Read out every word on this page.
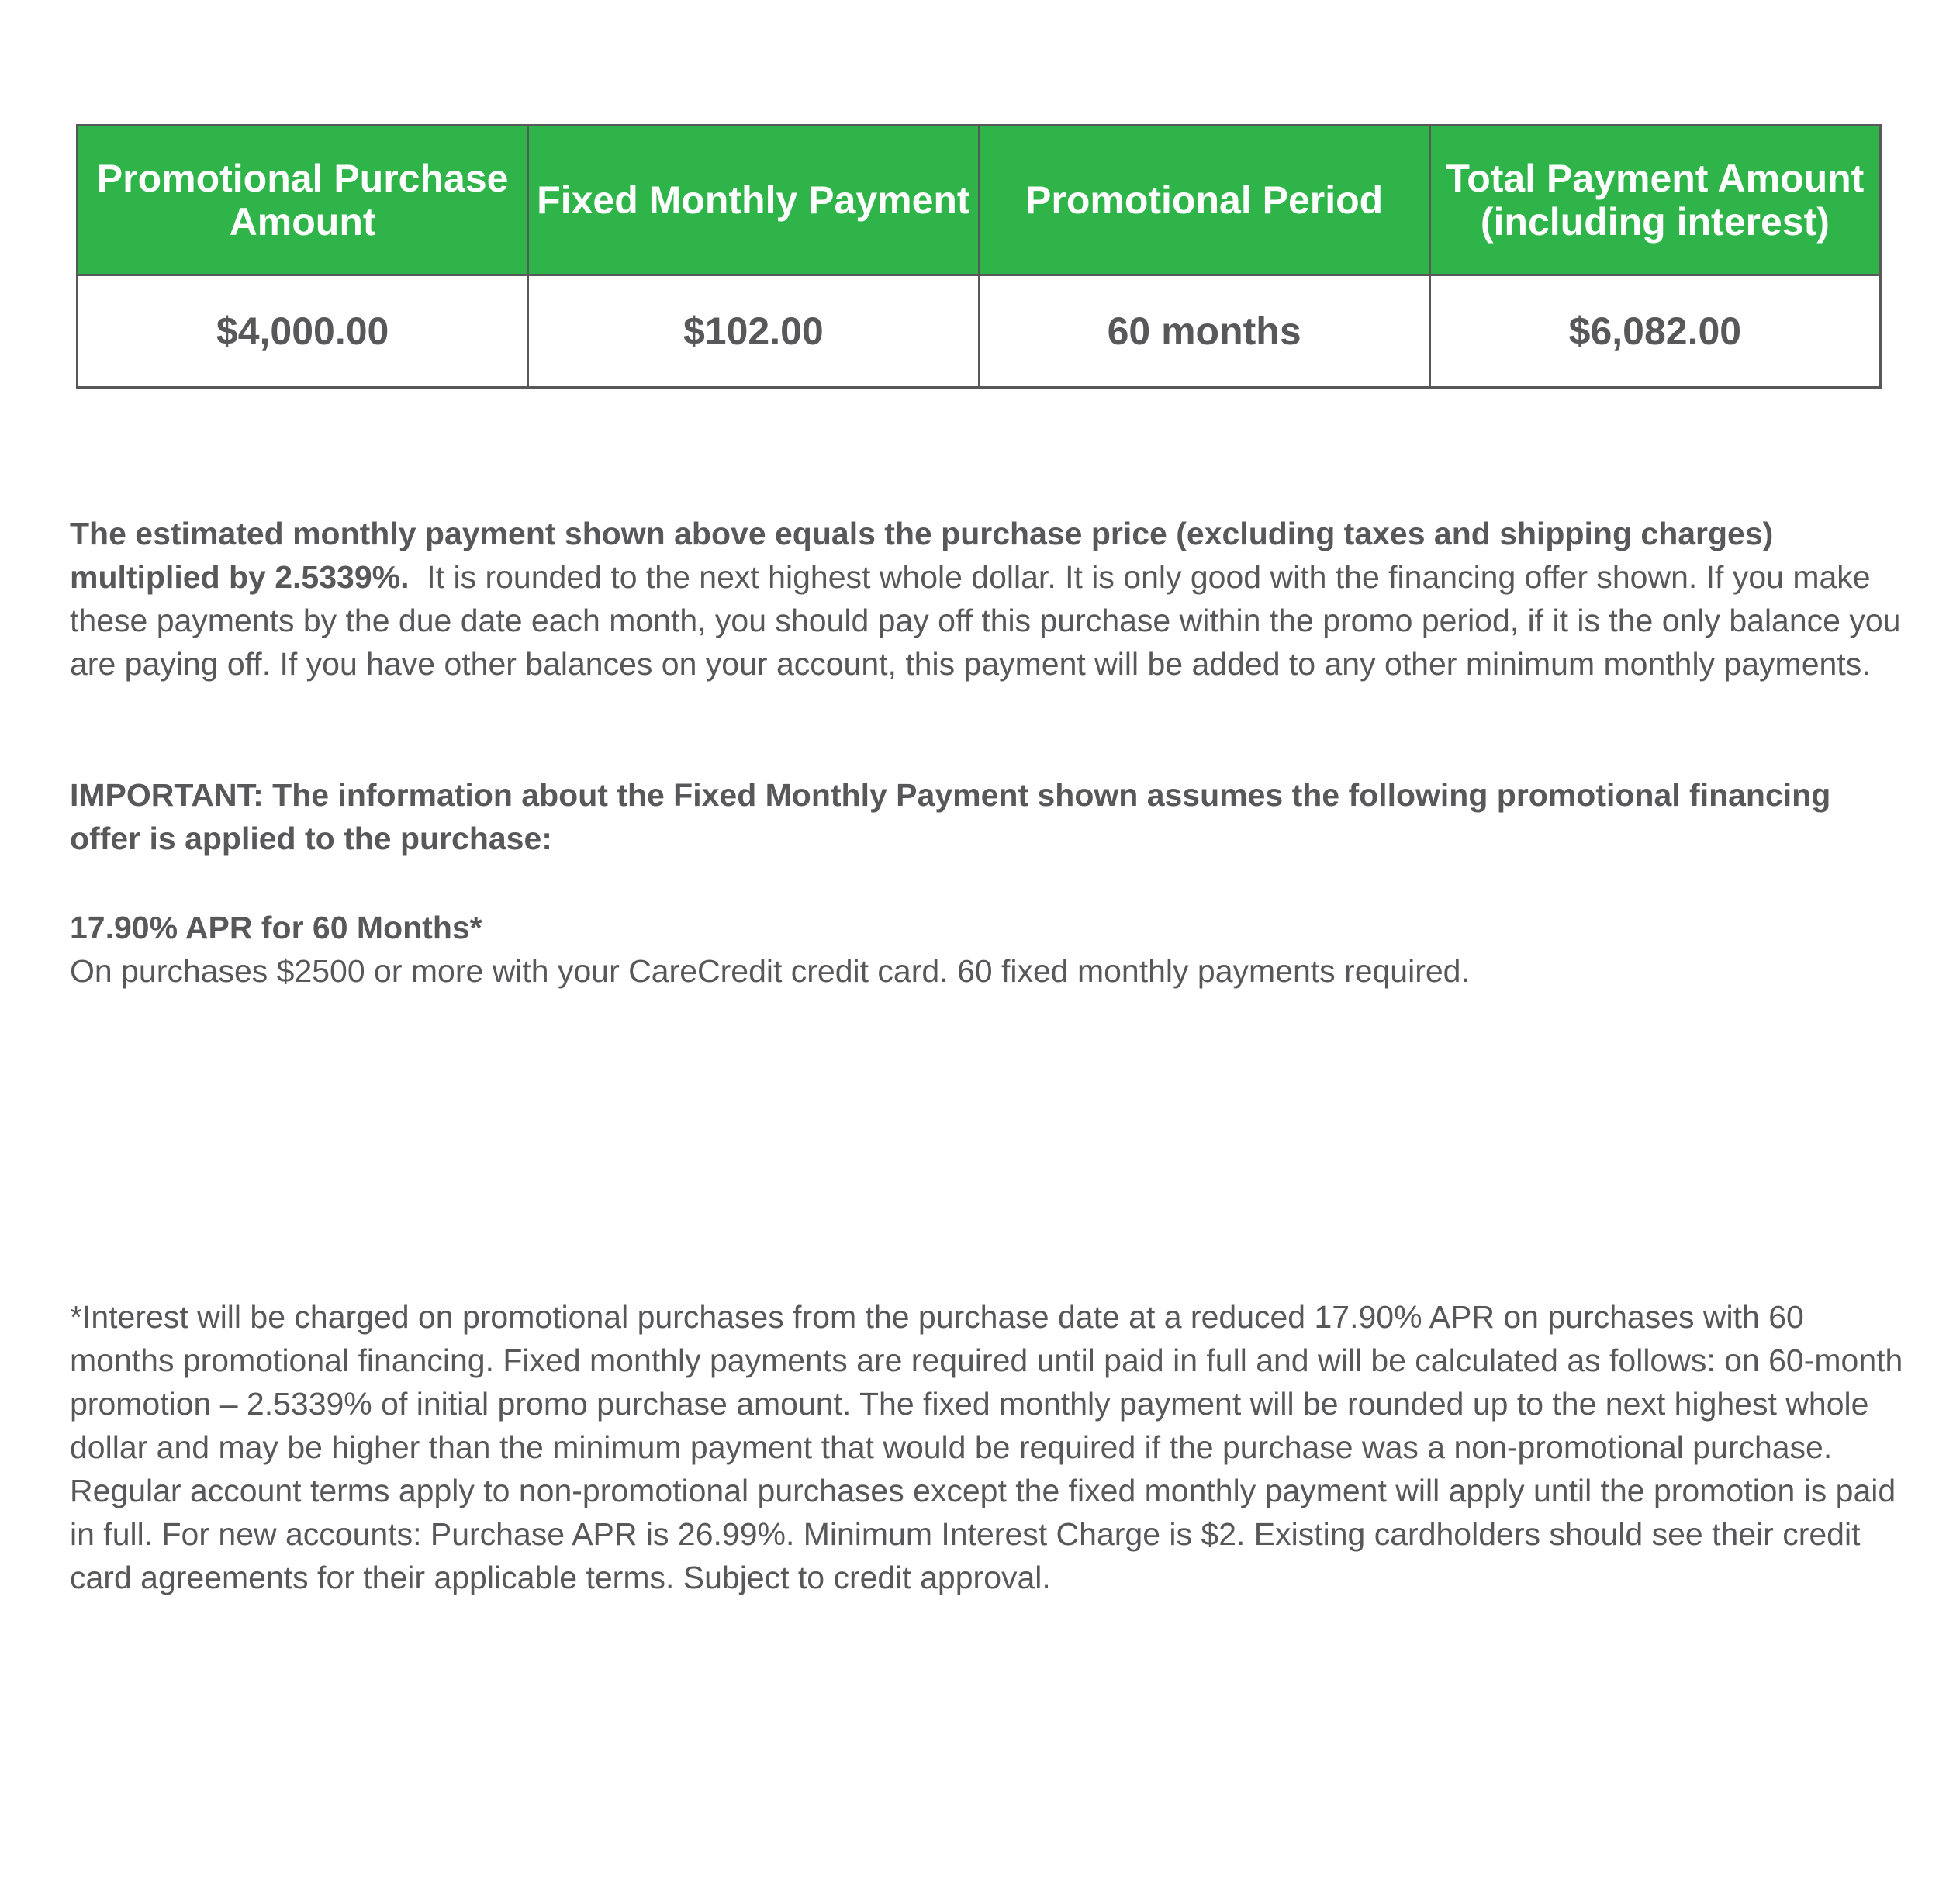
Promotional Purchase Amount	Fixed Monthly Payment	Promotional Period	Total Payment Amount (including interest)
$4,000.00	$102.00	60 months	$6,082.00

The estimated monthly payment shown above equals the purchase price (excluding taxes and shipping charges) multiplied by 2.5339%. It is rounded to the next highest whole dollar. It is only good with the financing offer shown. If you make these payments by the due date each month, you should pay off this purchase within the promo period, if it is the only balance you are paying off. If you have other balances on your account, this payment will be added to any other minimum monthly payments.

IMPORTANT: The information about the Fixed Monthly Payment shown assumes the following promotional financing offer is applied to the purchase:

17.90% APR for 60 Months*
On purchases $2500 or more with your CareCredit credit card. 60 fixed monthly payments required.

*Interest will be charged on promotional purchases from the purchase date at a reduced 17.90% APR on purchases with 60 months promotional financing. Fixed monthly payments are required until paid in full and will be calculated as follows: on 60-month promotion – 2.5339% of initial promo purchase amount. The fixed monthly payment will be rounded up to the next highest whole dollar and may be higher than the minimum payment that would be required if the purchase was a non-promotional purchase. Regular account terms apply to non-promotional purchases except the fixed monthly payment will apply until the promotion is paid in full. For new accounts: Purchase APR is 26.99%. Minimum Interest Charge is $2. Existing cardholders should see their credit card agreements for their applicable terms. Subject to credit approval.
